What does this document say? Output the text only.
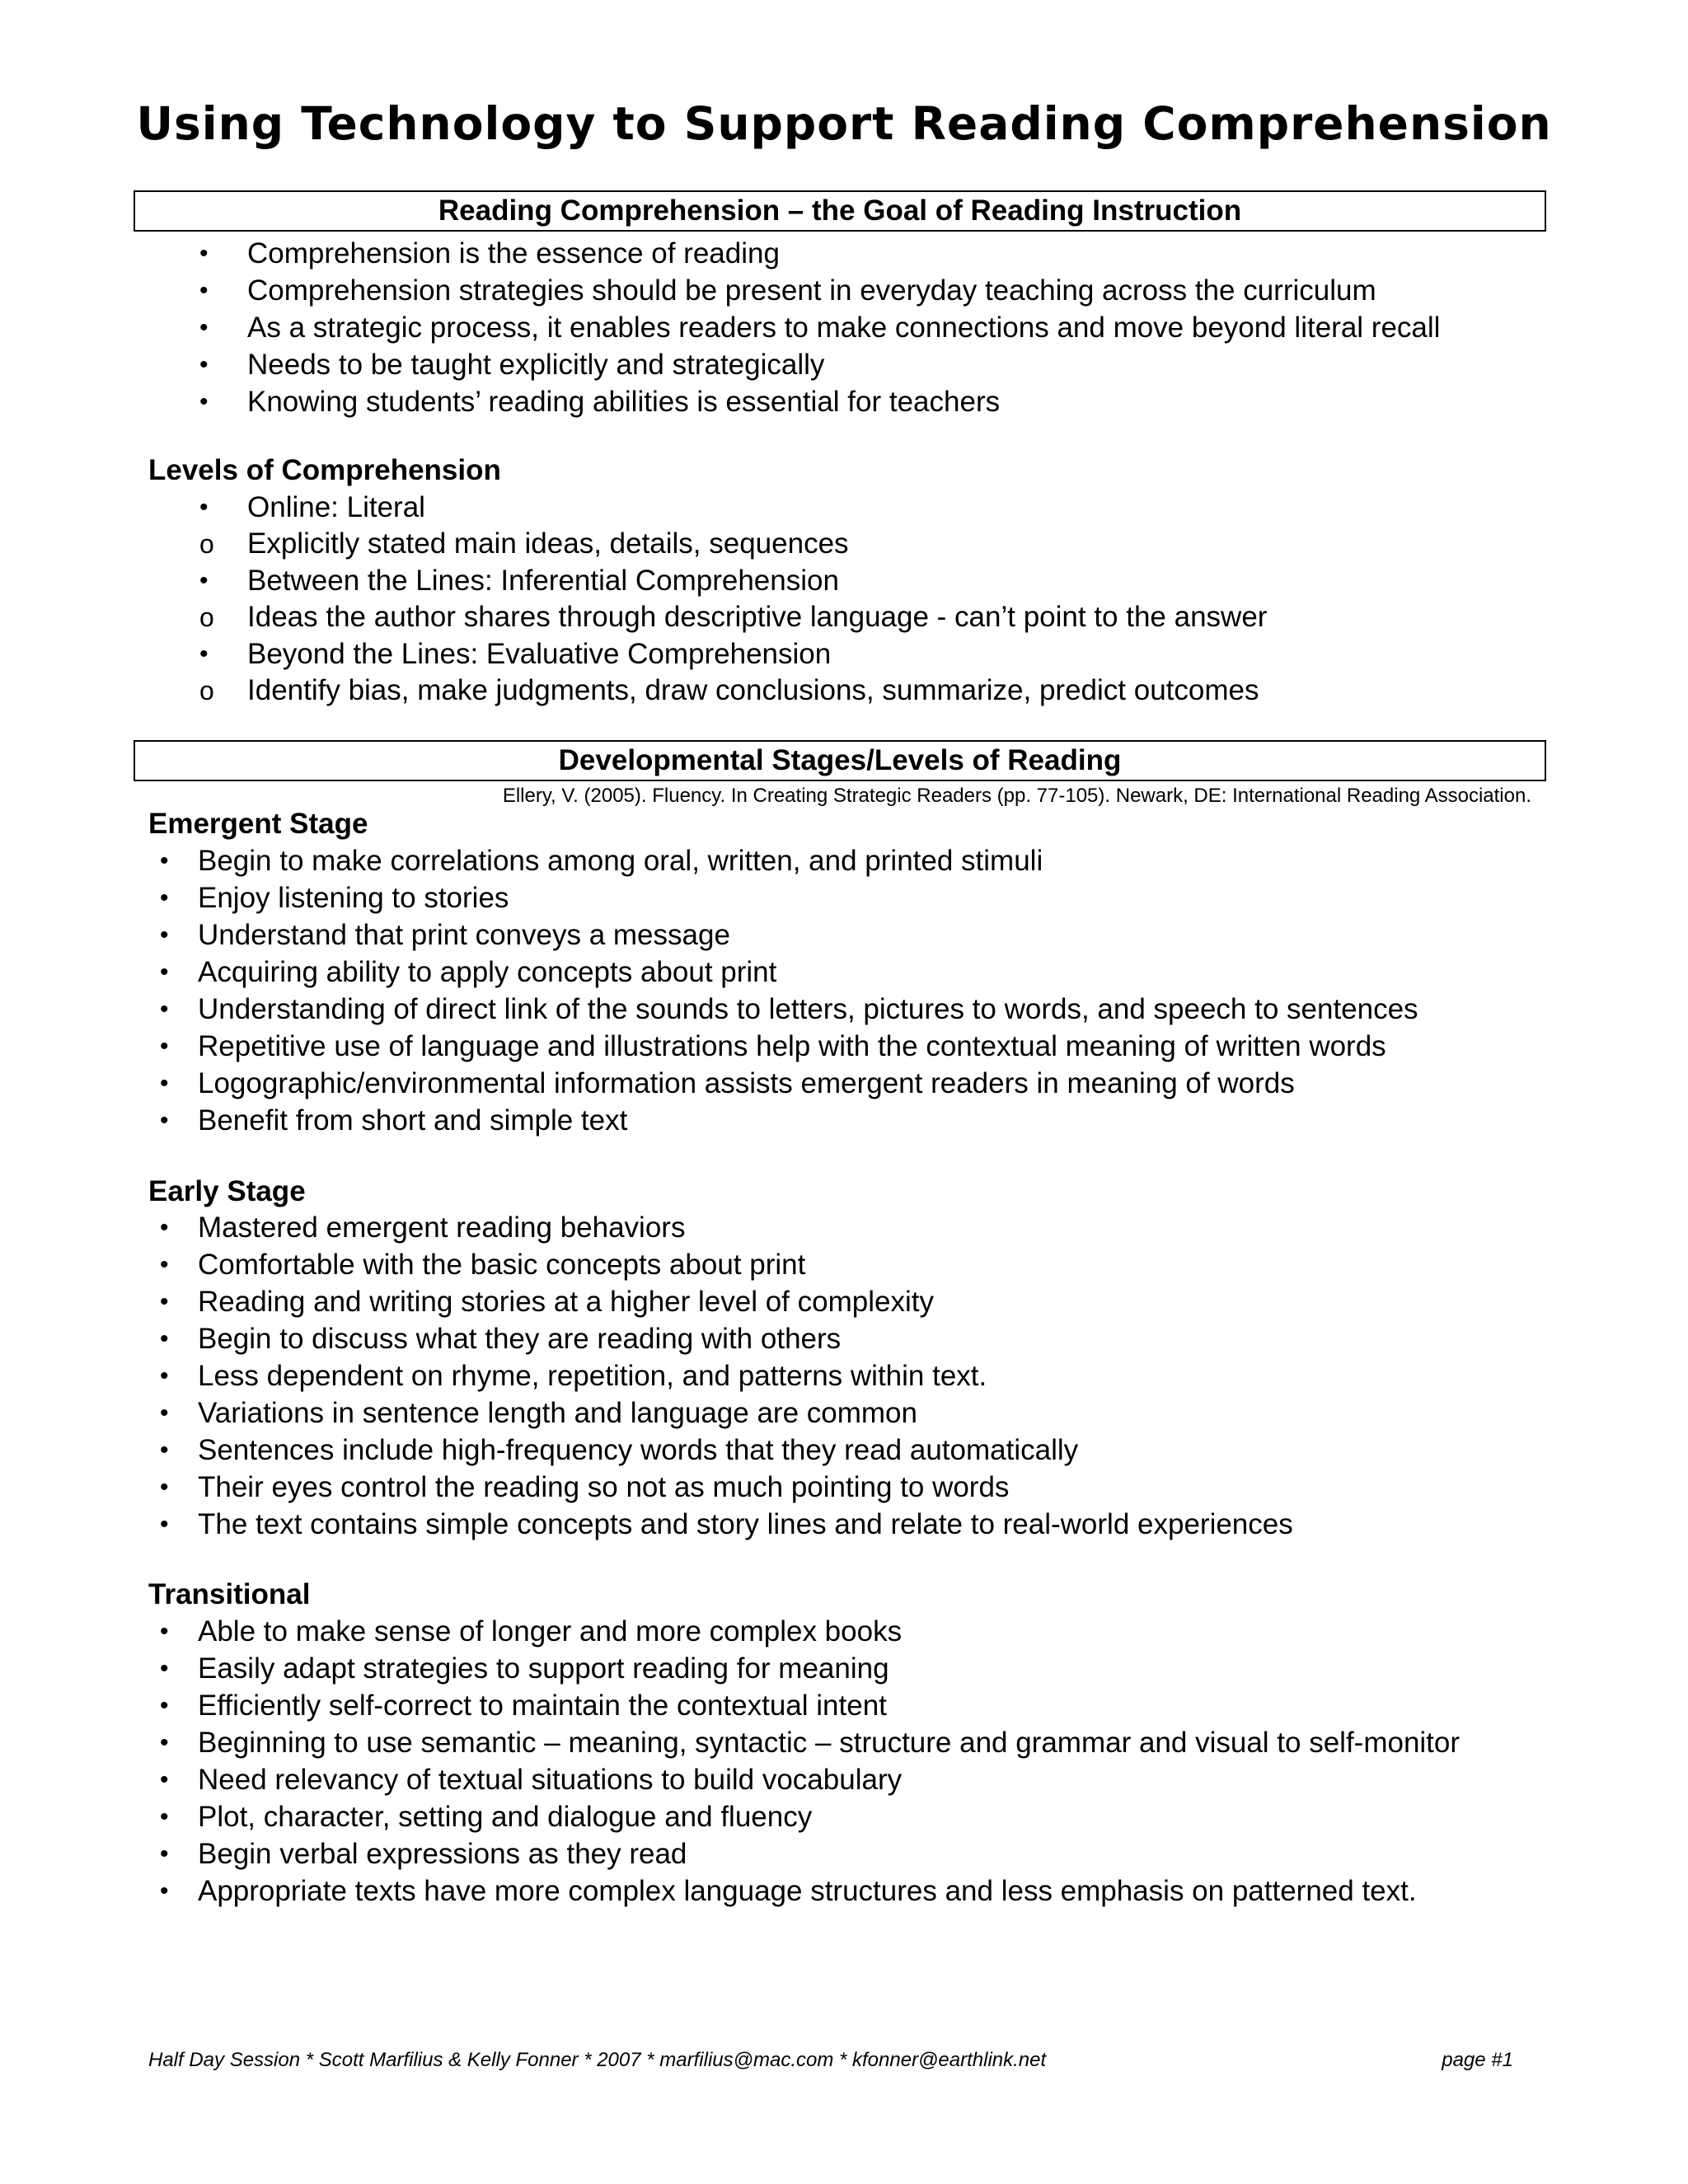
Using Technology to Support Reading Comprehension
Reading Comprehension – the Goal of Reading Instruction
• Comprehension is the essence of reading
• Comprehension strategies should be present in everyday teaching across the curriculum
• As a strategic process, it enables readers to make connections and move beyond literal recall
• Needs to be taught explicitly and strategically
• Knowing students’ reading abilities is essential for teachers
Levels of Comprehension
• Online: Literal
o Explicitly stated main ideas, details, sequences
• Between the Lines: Inferential Comprehension
o Ideas the author shares through descriptive language - can’t point to the answer
• Beyond the Lines: Evaluative Comprehension
o Identify bias, make judgments, draw conclusions, summarize, predict outcomes
Developmental Stages/Levels of Reading
Ellery, V. (2005). Fluency. In Creating Strategic Readers (pp. 77-105). Newark, DE: International Reading Association.
Emergent Stage
• Begin to make correlations among oral, written, and printed stimuli
• Enjoy listening to stories
• Understand that print conveys a message
• Acquiring ability to apply concepts about print
• Understanding of direct link of the sounds to letters, pictures to words, and speech to sentences
• Repetitive use of language and illustrations help with the contextual meaning of written words
• Logographic/environmental information assists emergent readers in meaning of words
• Benefit from short and simple text
Early Stage
• Mastered emergent reading behaviors
• Comfortable with the basic concepts about print
• Reading and writing stories at a higher level of complexity
• Begin to discuss what they are reading with others
• Less dependent on rhyme, repetition, and patterns within text.
• Variations in sentence length and language are common
• Sentences include high-frequency words that they read automatically
• Their eyes control the reading so not as much pointing to words
• The text contains simple concepts and story lines and relate to real-world experiences
Transitional
• Able to make sense of longer and more complex books
• Easily adapt strategies to support reading for meaning
• Efficiently self-correct to maintain the contextual intent
• Beginning to use semantic – meaning, syntactic – structure and grammar and visual to self-monitor
• Need relevancy of textual situations to build vocabulary
• Plot, character, setting and dialogue and fluency
• Begin verbal expressions as they read
• Appropriate texts have more complex language structures and less emphasis on patterned text.
Half Day Session * Scott Marfilius & Kelly Fonner * 2007 * marfilius@mac.com * kfonner@earthlink.net	page #1
